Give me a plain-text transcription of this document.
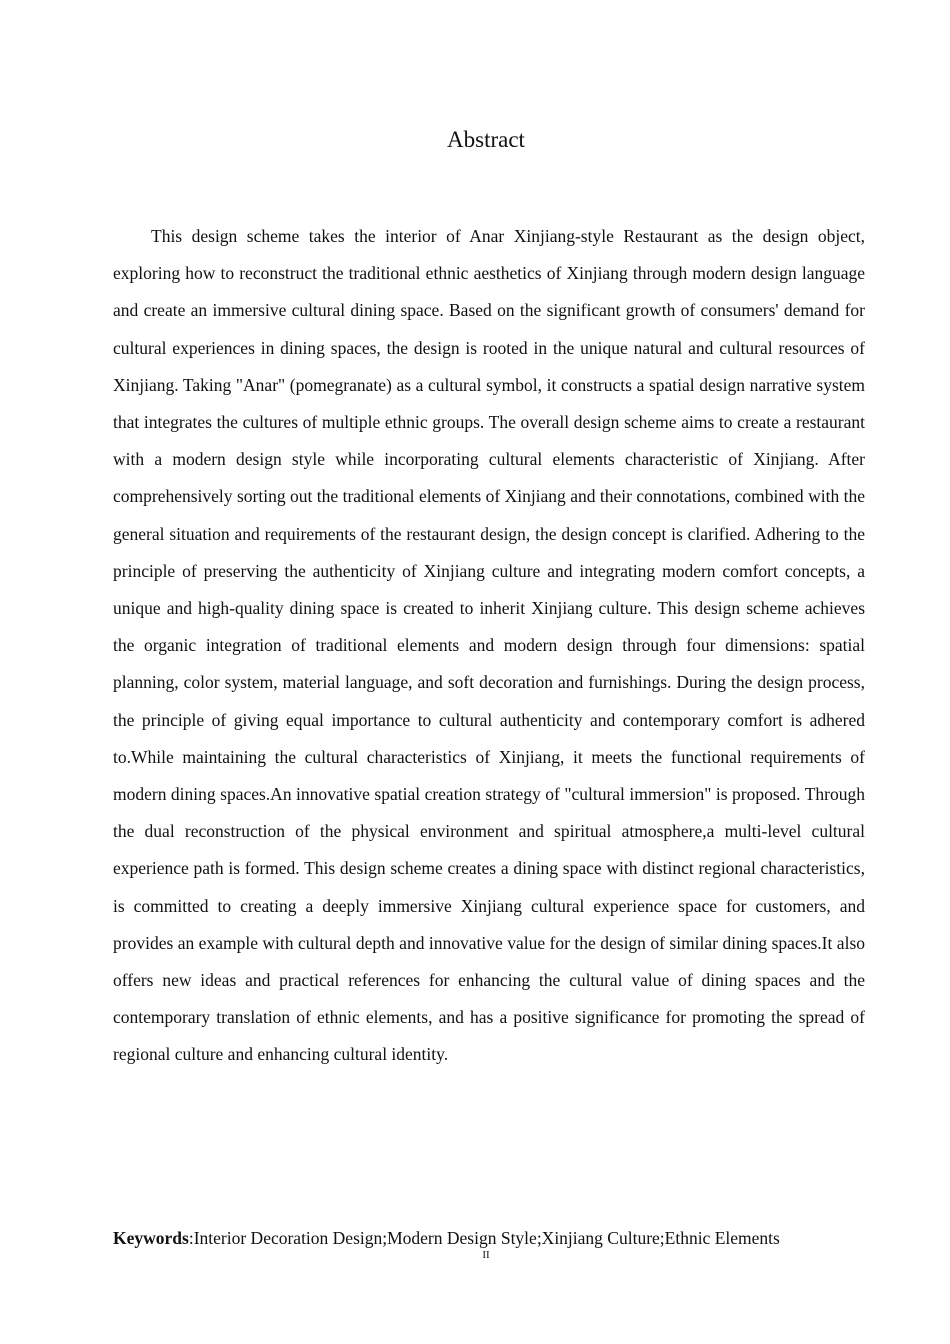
Abstract

This design scheme takes the interior of Anar Xinjiang-style Restaurant as the design object, exploring how to reconstruct the traditional ethnic aesthetics of Xinjiang through modern design language and create an immersive cultural dining space. Based on the significant growth of consumers' demand for cultural experiences in dining spaces, the design is rooted in the unique natural and cultural resources of Xinjiang. Taking "Anar" (pomegranate) as a cultural symbol, it constructs a spatial design narrative system that integrates the cultures of multiple ethnic groups. The overall design scheme aims to create a restaurant with a modern design style while incorporating cultural elements characteristic of Xinjiang. After comprehensively sorting out the traditional elements of Xinjiang and their connotations, combined with the general situation and requirements of the restaurant design, the design concept is clarified. Adhering to the principle of preserving the authenticity of Xinjiang culture and integrating modern comfort concepts, a unique and high-quality dining space is created to inherit Xinjiang culture. This design scheme achieves the organic integration of traditional elements and modern design through four dimensions: spatial planning, color system, material language, and soft decoration and furnishings. During the design process, the principle of giving equal importance to cultural authenticity and contemporary comfort is adhered to.While maintaining the cultural characteristics of Xinjiang, it meets the functional requirements of modern dining spaces.An innovative spatial creation strategy of "cultural immersion" is proposed. Through the dual reconstruction of the physical environment and spiritual atmosphere,a multi-level cultural experience path is formed. This design scheme creates a dining space with distinct regional characteristics, is committed to creating a deeply immersive Xinjiang cultural experience space for customers, and provides an example with cultural depth and innovative value for the design of similar dining spaces.It also offers new ideas and practical references for enhancing the cultural value of dining spaces and the contemporary translation of ethnic elements, and has a positive significance for promoting the spread of regional culture and enhancing cultural identity.

Keywords:Interior Decoration Design;Modern Design Style;Xinjiang Culture;Ethnic Elements

II
